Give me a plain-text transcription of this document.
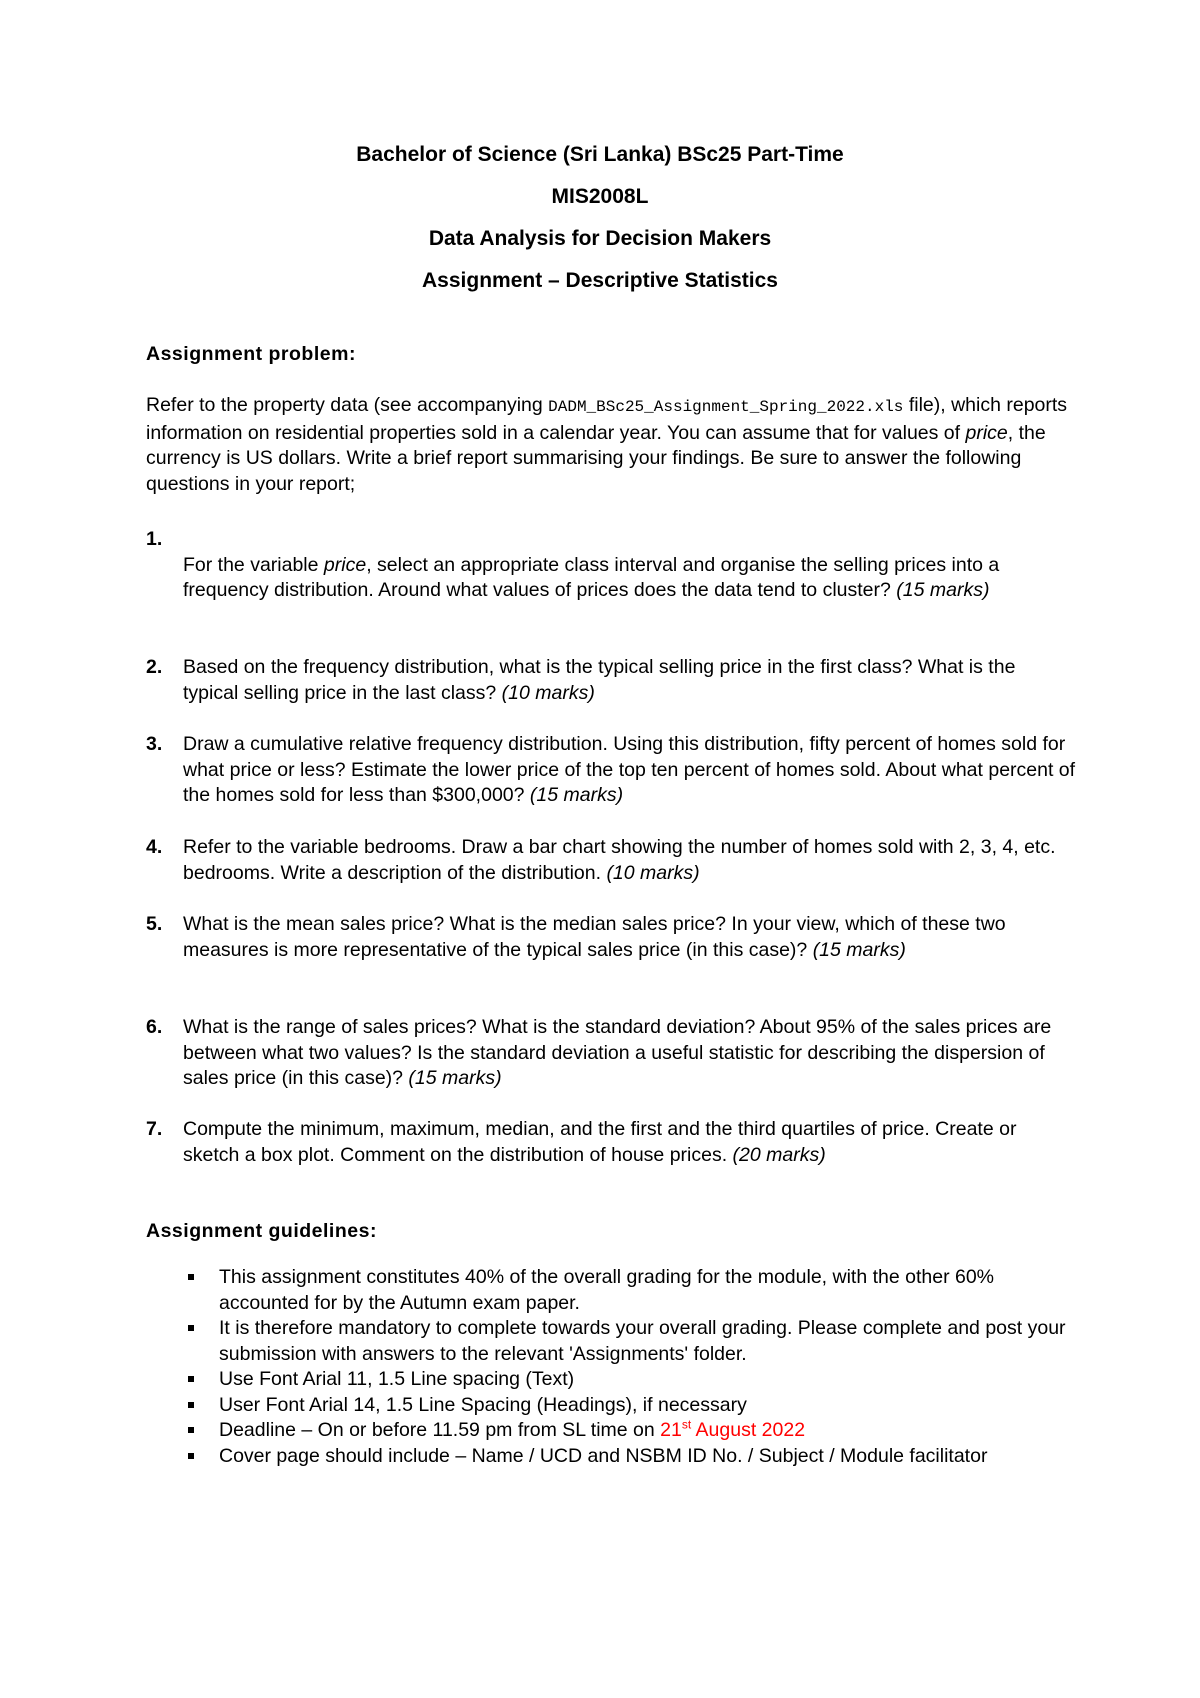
Bachelor of Science (Sri Lanka) BSc25 Part-Time
MIS2008L
Data Analysis for Decision Makers
Assignment – Descriptive Statistics
Assignment problem:
Refer to the property data (see accompanying DADM_BSc25_Assignment_Spring_2022.xls file), which reports information on residential properties sold in a calendar year. You can assume that for values of price, the currency is US dollars. Write a brief report summarising your findings. Be sure to answer the following questions in your report;
1.
For the variable price, select an appropriate class interval and organise the selling prices into a frequency distribution. Around what values of prices does the data tend to cluster? (15 marks)
2. Based on the frequency distribution, what is the typical selling price in the first class? What is the typical selling price in the last class? (10 marks)
3. Draw a cumulative relative frequency distribution. Using this distribution, fifty percent of homes sold for what price or less? Estimate the lower price of the top ten percent of homes sold. About what percent of the homes sold for less than $300,000? (15 marks)
4. Refer to the variable bedrooms. Draw a bar chart showing the number of homes sold with 2, 3, 4, etc. bedrooms. Write a description of the distribution. (10 marks)
5. What is the mean sales price? What is the median sales price? In your view, which of these two measures is more representative of the typical sales price (in this case)? (15 marks)
6. What is the range of sales prices? What is the standard deviation? About 95% of the sales prices are between what two values? Is the standard deviation a useful statistic for describing the dispersion of sales price (in this case)? (15 marks)
7. Compute the minimum, maximum, median, and the first and the third quartiles of price. Create or sketch a box plot. Comment on the distribution of house prices. (20 marks)
Assignment guidelines:
This assignment constitutes 40% of the overall grading for the module, with the other 60% accounted for by the Autumn exam paper.
It is therefore mandatory to complete towards your overall grading. Please complete and post your submission with answers to the relevant 'Assignments' folder.
Use Font Arial 11, 1.5 Line spacing (Text)
User Font Arial 14, 1.5 Line Spacing (Headings), if necessary
Deadline – On or before 11.59 pm from SL time on 21st August 2022
Cover page should include – Name / UCD and NSBM ID No. / Subject / Module facilitator
